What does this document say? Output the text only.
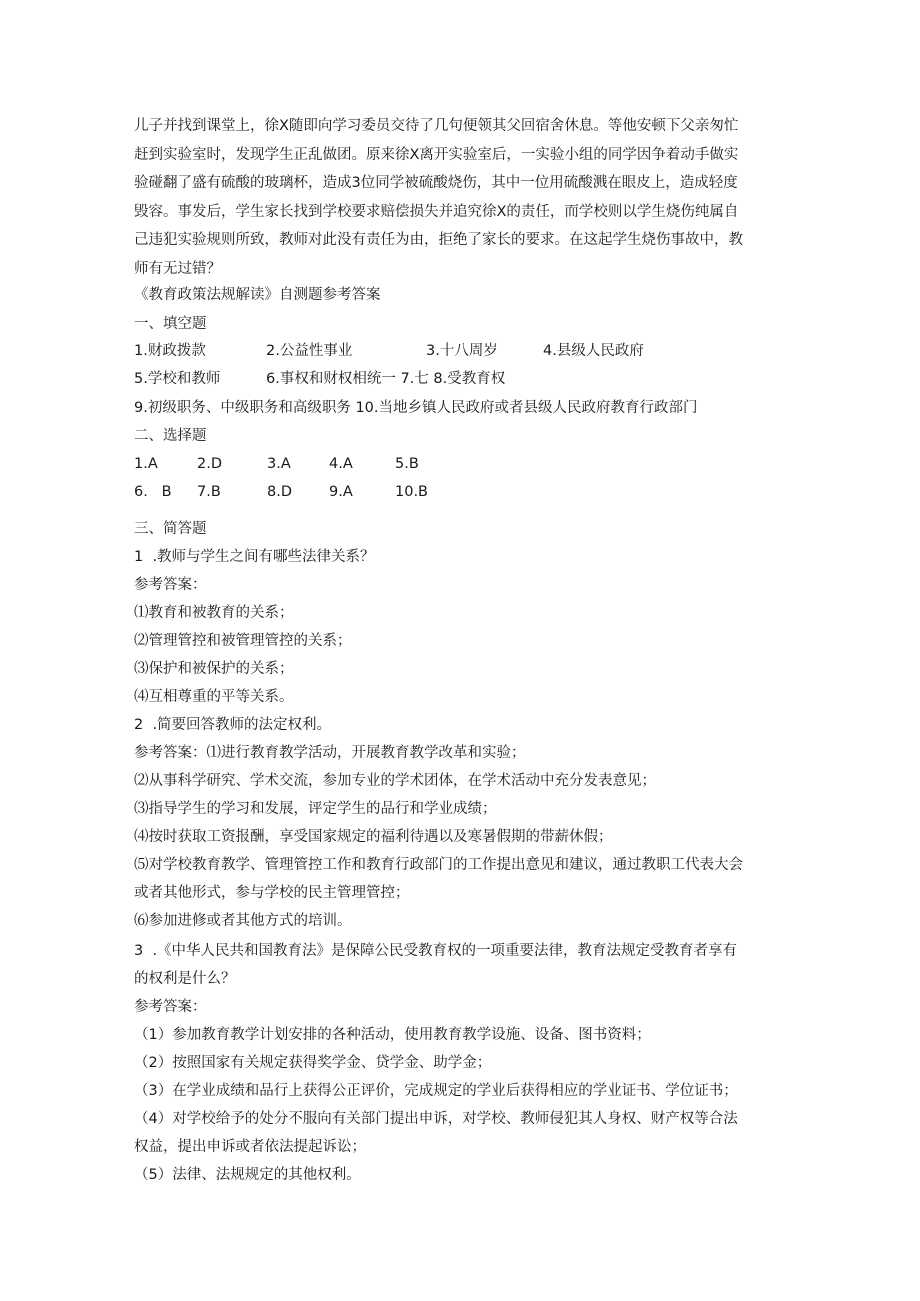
儿子并找到课堂上，徐X随即向学习委员交待了几句便领其父回宿舍休息。等他安顿下父亲匆忙
赶到实验室时，发现学生正乱做团。原来徐X离开实验室后，一实验小组的同学因争着动手做实
验碰翻了盛有硫酸的玻璃杯，造成3位同学被硫酸烧伤，其中一位用硫酸溅在眼皮上，造成轻度
毁容。事发后，学生家长找到学校要求赔偿损失并追究徐X的责任，而学校则以学生烧伤纯属自
己违犯实验规则所致，教师对此没有责任为由，拒绝了家长的要求。在这起学生烧伤事故中，教
师有无过错？
《教育政策法规解读》自测题参考答案
一、填空题
1.财政拨款	2.公益性事业	3.十八周岁	4.县级人民政府
5.学校和教师	6.事权和财权相统一 7.七 8.受教育权
9.初级职务、中级职务和高级职务 10.当地乡镇人民政府或者县级人民政府教育行政部门
二、选择题
1.A	2.D	3.A	4.A	5.B
6.   B 7.B	8.D	9.A	10.B
三、简答题
1  .教师与学生之间有哪些法律关系？
参考答案：
⑴教育和被教育的关系；
⑵管理管控和被管理管控的关系；
⑶保护和被保护的关系；
⑷互相尊重的平等关系。
2  .简要回答教师的法定权利。
参考答案：⑴进行教育教学活动，开展教育教学改革和实验；
⑵从事科学研究、学术交流，参加专业的学术团体，在学术活动中充分发表意见；
⑶指导学生的学习和发展，评定学生的品行和学业成绩；
⑷按时获取工资报酬，享受国家规定的福利待遇以及寒暑假期的带薪休假；
⑸对学校教育教学、管理管控工作和教育行政部门的工作提出意见和建议，通过教职工代表大会
或者其他形式，参与学校的民主管理管控；
⑹参加进修或者其他方式的培训。
3  .《中华人民共和国教育法》是保障公民受教育权的一项重要法律，教育法规定受教育者享有
的权利是什么？
参考答案：
（1）参加教育教学计划安排的各种活动，使用教育教学设施、设备、图书资料；
（2）按照国家有关规定获得奖学金、贷学金、助学金；
（3）在学业成绩和品行上获得公正评价，完成规定的学业后获得相应的学业证书、学位证书；
（4）对学校给予的处分不服向有关部门提出申诉，对学校、教师侵犯其人身权、财产权等合法
权益，提出申诉或者依法提起诉讼；
（5）法律、法规规定的其他权利。
